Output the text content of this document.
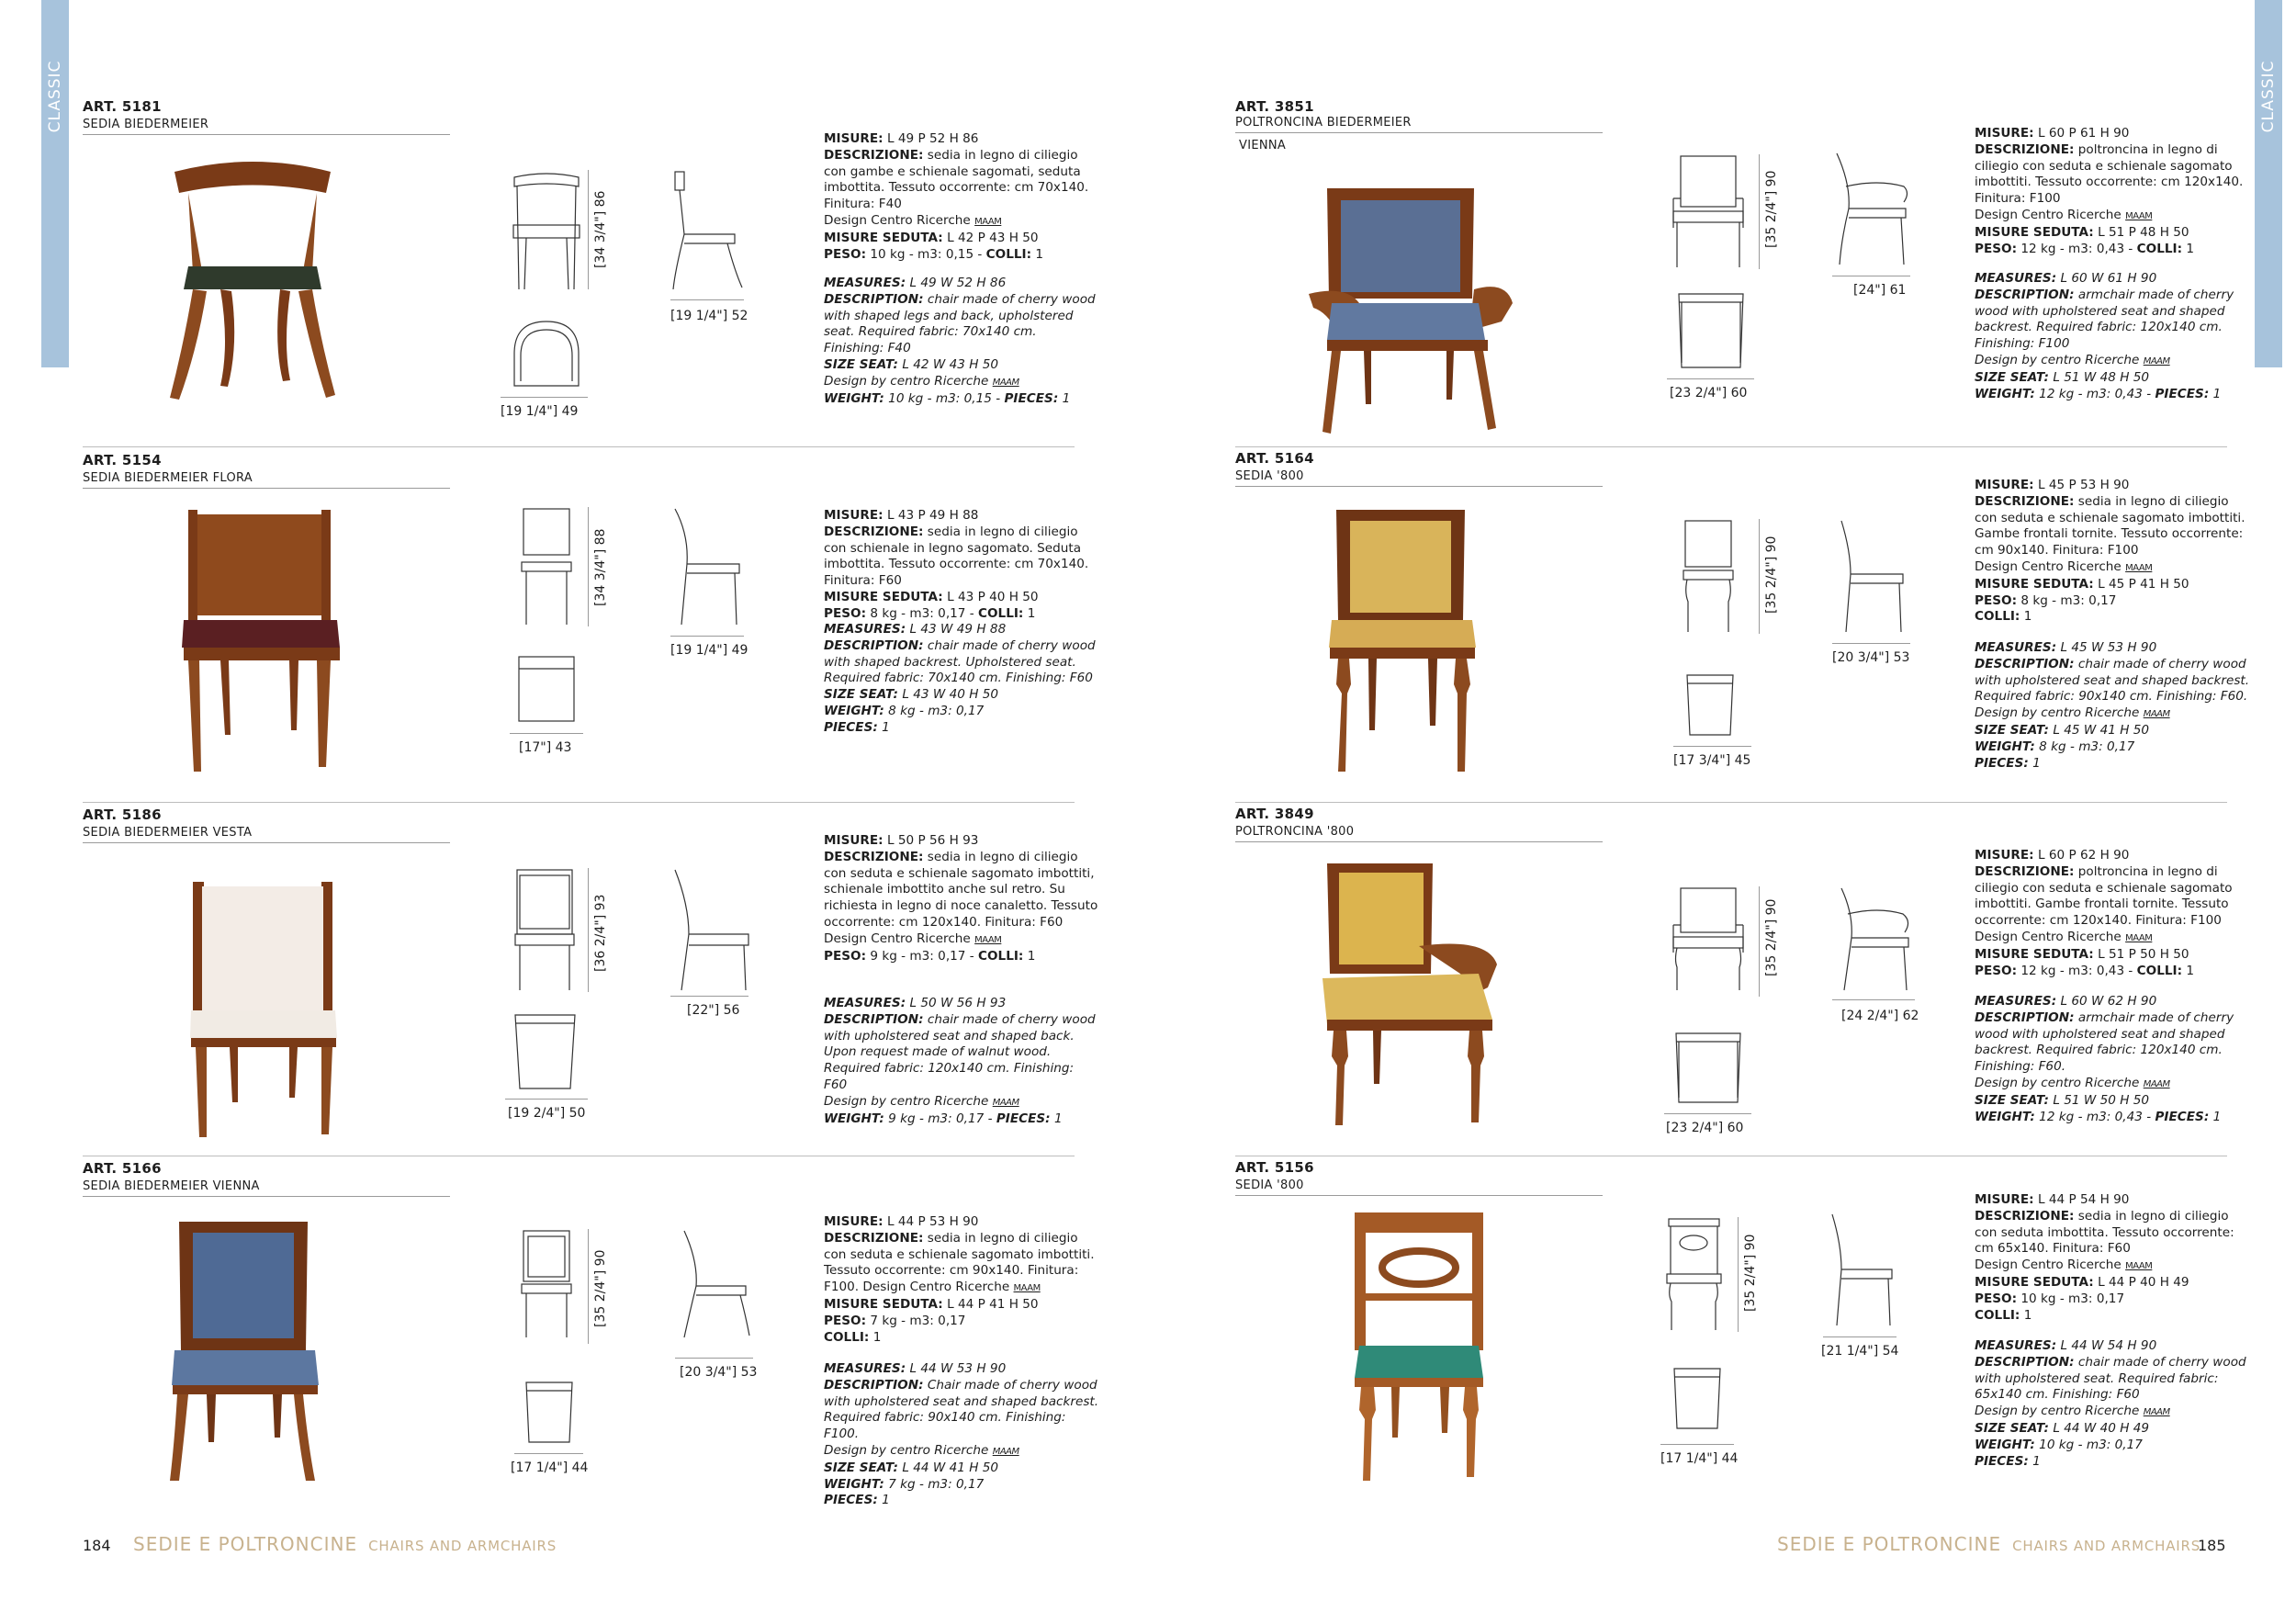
CLASSIC	CLASSIC
ART. 5181
SEDIA BIEDERMEIER
[34 3/4"] 86
[19 1/4"] 52
[19 1/4"] 49
MISURE: L 49 P 52 H 86
DESCRIZIONE: sedia in legno di ciliegio con gambe e schienale sagomati, seduta imbottita. Tessuto occorrente: cm 70x140. Finitura: F40
Design Centro Ricerche MAAM
MISURE SEDUTA: L 42 P 43 H 50
PESO: 10 kg - m3: 0,15 - COLLI: 1
MEASURES: L 49 W 52 H 86
DESCRIPTION: chair made of cherry wood with shaped legs and back, upholstered seat. Required fabric: 70x140 cm. Finishing: F40
SIZE SEAT: L 42 W 43 H 50
Design by centro Ricerche MAAM
WEIGHT: 10 kg - m3: 0,15 - PIECES: 1
ART. 5154
SEDIA BIEDERMEIER FLORA
[34 3/4"] 88
[19 1/4"] 49
[17"] 43
MISURE: L 43 P 49 H 88
DESCRIZIONE: sedia in legno di ciliegio con schienale in legno sagomato. Seduta imbottita. Tessuto occorrente: cm 70x140. Finitura: F60
MISURE SEDUTA: L 43 P 40 H 50
PESO: 8 kg - m3: 0,17 - COLLI: 1
MEASURES: L 43 W 49 H 88
DESCRIPTION: chair made of cherry wood with shaped backrest. Upholstered seat. Required fabric: 70x140 cm. Finishing: F60
SIZE SEAT: L 43 W 40 H 50
WEIGHT: 8 kg - m3: 0,17
PIECES: 1
ART. 5186
SEDIA BIEDERMEIER VESTA
[36 2/4"] 93
[22"] 56
[19 2/4"] 50
MISURE: L 50 P 56 H 93
DESCRIZIONE: sedia in legno di ciliegio con seduta e schienale sagomato imbottiti, schienale imbottito anche sul retro. Su richiesta in legno di noce canaletto. Tessuto occorrente: cm 120x140. Finitura: F60
Design Centro Ricerche MAAM
PESO: 9 kg - m3: 0,17 - COLLI: 1
MEASURES: L 50 W 56 H 93
DESCRIPTION: chair made of cherry wood with upholstered seat and shaped back. Upon request made of walnut wood. Required fabric: 120x140 cm. Finishing: F60
Design by centro Ricerche MAAM
WEIGHT: 9 kg - m3: 0,17 - PIECES: 1
ART. 5166
SEDIA BIEDERMEIER VIENNA
[35 2/4"] 90
[20 3/4"] 53
[17 1/4"] 44
MISURE: L 44 P 53 H 90
DESCRIZIONE: sedia in legno di ciliegio con seduta e schienale sagomato imbottiti. Tessuto occorrente: cm 90x140. Finitura: F100. Design Centro Ricerche MAAM
MISURE SEDUTA: L 44 P 41 H 50
PESO: 7 kg - m3: 0,17
COLLI: 1
MEASURES: L 44 W 53 H 90
DESCRIPTION: Chair made of cherry wood with upholstered seat and shaped backrest. Required fabric: 90x140 cm. Finishing: F100.
Design by centro Ricerche MAAM
SIZE SEAT: L 44 W 41 H 50
WEIGHT: 7 kg - m3: 0,17
PIECES: 1
ART. 3851
POLTRONCINA BIEDERMEIER
VIENNA
[35 2/4"] 90
[24"] 61
[23 2/4"] 60
MISURE: L 60 P 61 H 90
DESCRIZIONE: poltroncina in legno di ciliegio con seduta e schienale sagomato imbottiti. Tessuto occorrente: cm 120x140. Finitura: F100
Design Centro Ricerche MAAM
MISURE SEDUTA: L 51 P 48 H 50
PESO: 12 kg - m3: 0,43 - COLLI: 1
MEASURES: L 60 W 61 H 90
DESCRIPTION: armchair made of cherry wood with upholstered seat and shaped backrest. Required fabric: 120x140 cm. Finishing: F100
Design by centro Ricerche MAAM
SIZE SEAT: L 51 W 48 H 50
WEIGHT: 12 kg - m3: 0,43 - PIECES: 1
ART. 5164
SEDIA '800
[35 2/4"] 90
[20 3/4"] 53
[17 3/4"] 45
MISURE: L 45 P 53 H 90
DESCRIZIONE: sedia in legno di ciliegio con seduta e schienale sagomato imbottiti. Gambe frontali tornite. Tessuto occorrente: cm 90x140. Finitura: F100
Design Centro Ricerche MAAM
MISURE SEDUTA: L 45 P 41 H 50
PESO: 8 kg - m3: 0,17
COLLI: 1
MEASURES: L 45 W 53 H 90
DESCRIPTION: chair made of cherry wood with upholstered seat and shaped backrest. Required fabric: 90x140 cm. Finishing: F60.
Design by centro Ricerche MAAM
SIZE SEAT: L 45 W 41 H 50
WEIGHT: 8 kg - m3: 0,17
PIECES: 1
ART. 3849
POLTRONCINA '800
[35 2/4"] 90
[24 2/4"] 62
[23 2/4"] 60
MISURE: L 60 P 62 H 90
DESCRIZIONE: poltroncina in legno di ciliegio con seduta e schienale sagomato imbottiti. Gambe frontali tornite. Tessuto occorrente: cm 120x140. Finitura: F100
Design Centro Ricerche MAAM
MISURE SEDUTA: L 51 P 50 H 50
PESO: 12 kg - m3: 0,43 - COLLI: 1
MEASURES: L 60 W 62 H 90
DESCRIPTION: armchair made of cherry wood with upholstered seat and shaped backrest. Required fabric: 120x140 cm. Finishing: F60.
Design by centro Ricerche MAAM
SIZE SEAT: L 51 W 50 H 50
WEIGHT: 12 kg - m3: 0,43 - PIECES: 1
ART. 5156
SEDIA '800
[35 2/4"] 90
[21 1/4"] 54
[17 1/4"] 44
MISURE: L 44 P 54 H 90
DESCRIZIONE: sedia in legno di ciliegio con seduta imbottita. Tessuto occorrente: cm 65x140. Finitura: F60
Design Centro Ricerche MAAM
MISURE SEDUTA: L 44 P 40 H 49
PESO: 10 kg - m3: 0,17
COLLI: 1
MEASURES: L 44 W 54 H 90
DESCRIPTION: chair made of cherry wood with upholstered seat. Required fabric: 65x140 cm. Finishing: F60
Design by centro Ricerche MAAM
SIZE SEAT: L 44 W 40 H 49
WEIGHT: 10 kg - m3: 0,17
PIECES: 1
184 SEDIE E POLTRONCINE CHAIRS AND ARMCHAIRS	SEDIE E POLTRONCINE CHAIRS AND ARMCHAIRS
185
